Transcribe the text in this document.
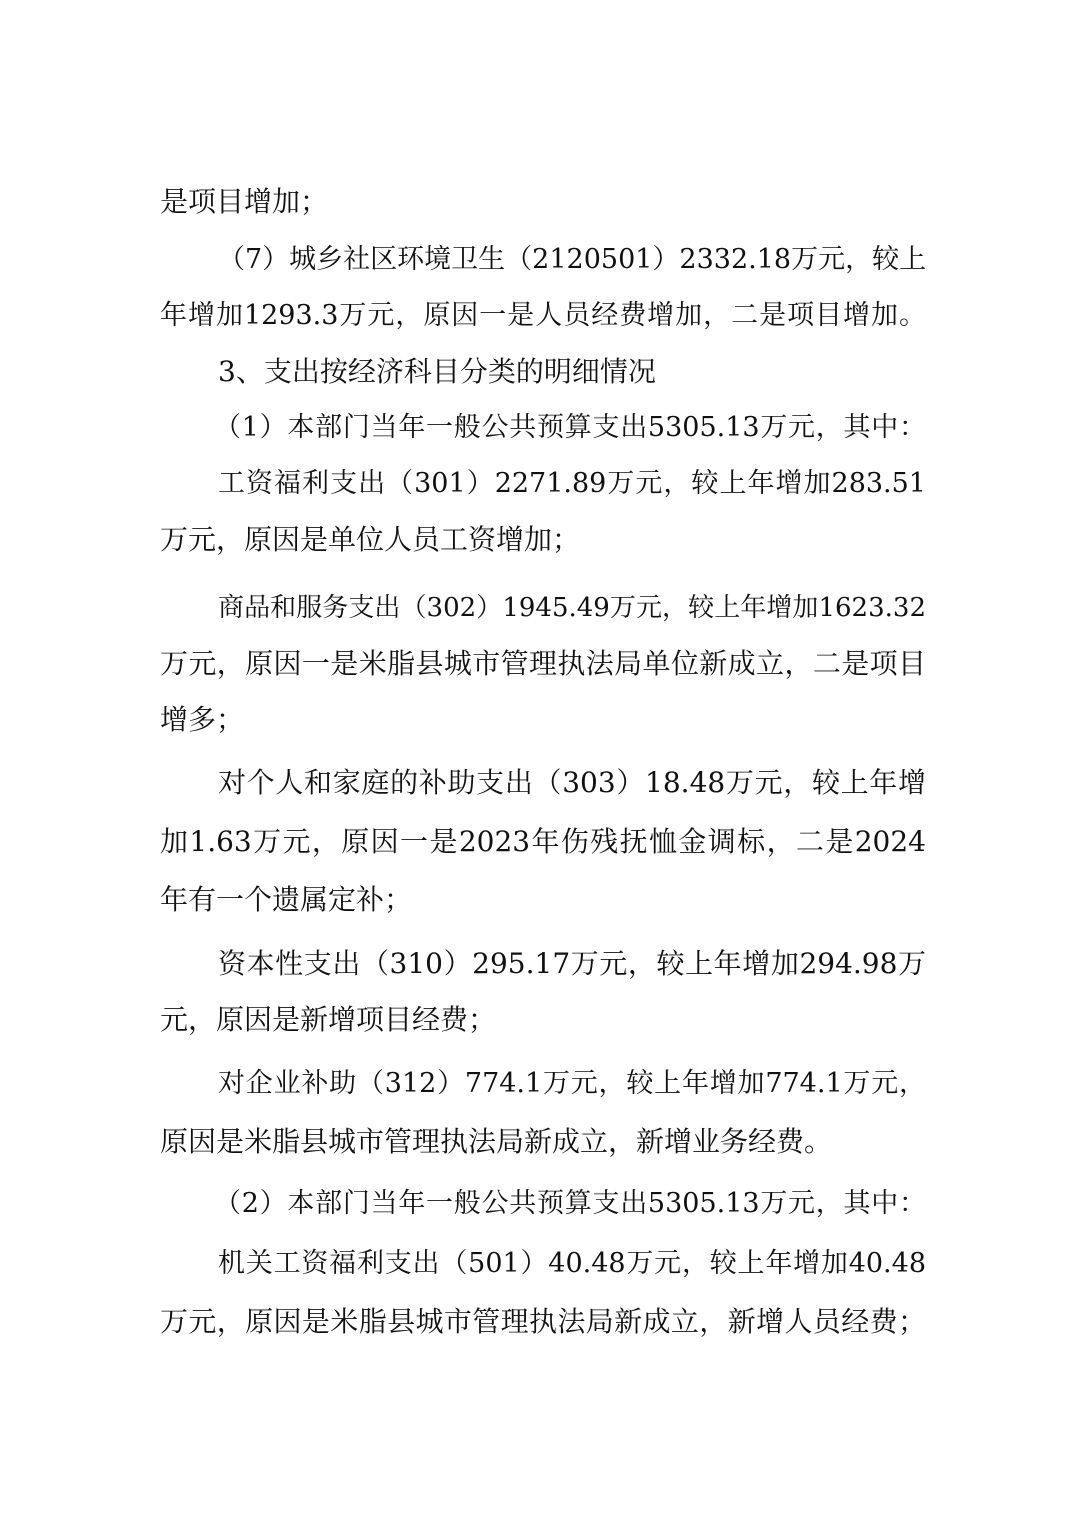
是项目增加；
（7）城乡社区环境卫生（2120501）2332.18万元，较上
年增加1293.3万元，原因一是人员经费增加，二是项目增加。
3、支出按经济科目分类的明细情况
（1）本部门当年一般公共预算支出5305.13万元，其中：
工资福利支出（301）2271.89万元，较上年增加283.51
万元，原因是单位人员工资增加；
商品和服务支出（302）1945.49万元，较上年增加1623.32
万元，原因一是米脂县城市管理执法局单位新成立，二是项目
增多；
对个人和家庭的补助支出（303）18.48万元，较上年增
加1.63万元，原因一是2023年伤残抚恤金调标，二是2024
年有一个遗属定补；
资本性支出（310）295.17万元，较上年增加294.98万
元，原因是新增项目经费；
对企业补助（312）774.1万元，较上年增加774.1万元，
原因是米脂县城市管理执法局新成立，新增业务经费。
（2）本部门当年一般公共预算支出5305.13万元，其中：
机关工资福利支出（501）40.48万元，较上年增加40.48
万元，原因是米脂县城市管理执法局新成立，新增人员经费；
